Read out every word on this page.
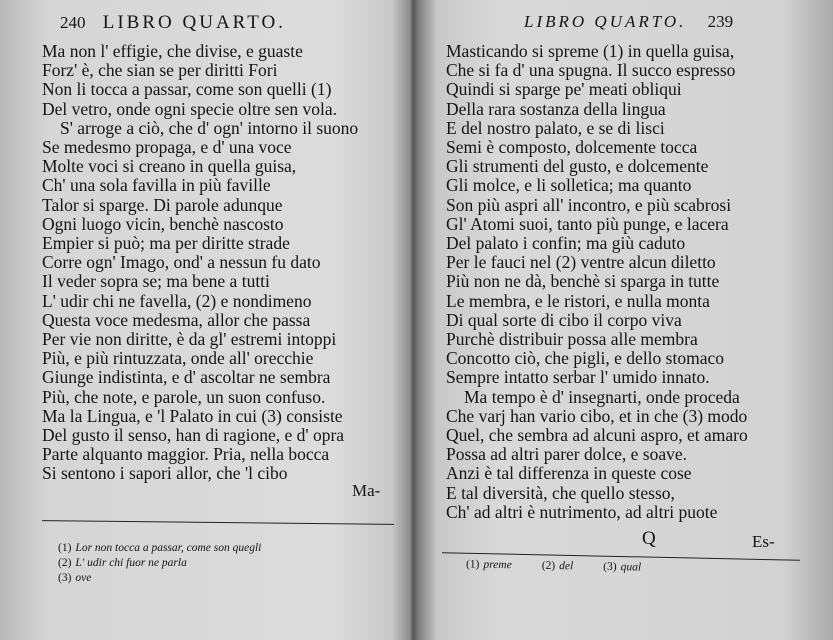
240 LIBRO QUARTO.
Ma non l' effigie, che divise, e guaste
Forz' è, che sian se per diritti Fori
Non li tocca a passar, come son quelli (1)
Del vetro, onde ogni specie oltre sen vola.
S' arroge a ciò, che d' ogn' intorno il suono
Se medesmo propaga, e d' una voce
Molte voci si creano in quella guisa,
Ch' una sola favilla in più faville
Talor si sparge. Di parole adunque
Ogni luogo vicin, benchè nascosto
Empier si può; ma per diritte strade
Corre ogn' Imago, ond' a nessun fu dato
Il veder sopra se; ma bene a tutti
L' udir chi ne favella, (2) e nondimeno
Questa voce medesma, allor che passa
Per vie non diritte, è da gl' estremi intoppi
Più, e più rintuzzata, onde all' orecchie
Giunge indistinta, e d' ascoltar ne sembra
Più, che note, e parole, un suon confuso.
Ma la Lingua, e 'l Palato in cui (3) consiste
Del gusto il senso, han di ragione, e d' opra
Parte alquanto maggior. Pria, nella bocca
Si sentono i sapori allor, che 'l cibo
Ma-
(1) Lor non tocca a passar, come son quegli
(2) L' udir chi fuor ne parla
(3) ove
LIBRO QUARTO. 239
Masticando si spreme (1) in quella guisa,
Che si fa d' una spugna. Il succo espresso
Quindi si sparge pe' meati obliqui
Della rara sostanza della lingua
E del nostro palato, e se di lisci
Semi è composto, dolcemente tocca
Gli strumenti del gusto, e dolcemente
Gli molce, e li solletica; ma quanto
Son più aspri all' incontro, e più scabrosi
Gl' Atomi suoi, tanto più punge, e lacera
Del palato i confin; ma giù caduto
Per le fauci nel (2) ventre alcun diletto
Più non ne dà, benchè si sparga in tutte
Le membra, e le ristori, e nulla monta
Di qual sorte di cibo il corpo viva
Purchè distribuir possa alle membra
Concotto ciò, che pigli, e dello stomaco
Sempre intatto serbar l' umido innato.
Ma tempo è d' insegnarti, onde proceda
Che varj han vario cibo, et in che (3) modo
Quel, che sembra ad alcuni aspro, et amaro
Possa ad altri parer dolce, e soave.
Anzi è tal differenza in queste cose
E tal diversità, che quello stesso,
Ch' ad altri è nutrimento, ad altri puote
Q	Es-
(1) preme	(2) del	(3) qual
